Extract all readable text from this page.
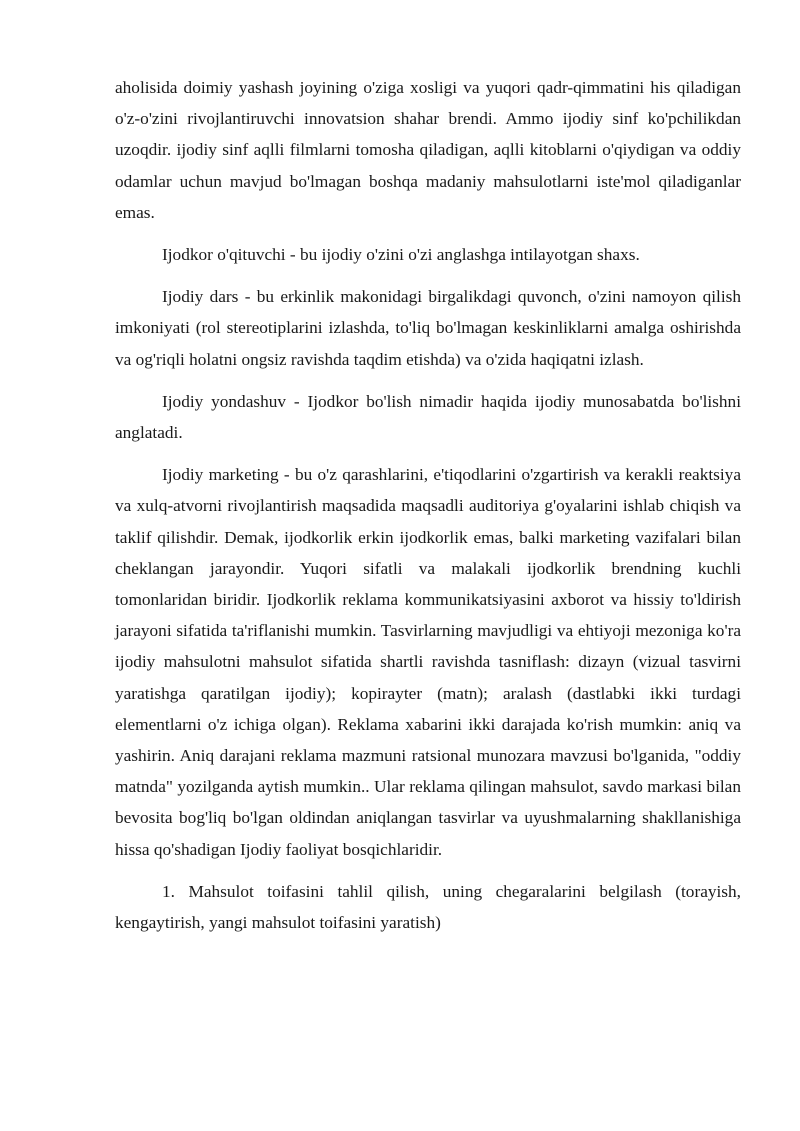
aholisida doimiy yashash joyining o'ziga xosligi va yuqori qadr-qimmatini his qiladigan o'z-o'zini rivojlantiruvchi innovatsion shahar brendi. Ammo ijodiy sinf ko'pchilikdan uzoqdir. ijodiy sinf aqlli filmlarni tomosha qiladigan, aqlli kitoblarni o'qiydigan va oddiy odamlar uchun mavjud bo'lmagan boshqa madaniy mahsulotlarni iste'mol qiladiganlar emas.

Ijodkor o'qituvchi - bu ijodiy o'zini o'zi anglashga intilayotgan shaxs.

Ijodiy dars - bu erkinlik makonidagi birgalikdagi quvonch, o'zini namoyon qilish imkoniyati (rol stereotiplarini izlashda, to'liq bo'lmagan keskinliklarni amalga oshirishda va og'riqli holatni ongsiz ravishda taqdim etishda) va o'zida haqiqatni izlash.

Ijodiy yondashuv - Ijodkor bo'lish nimadir haqida ijodiy munosabatda bo'lishni anglatadi.

Ijodiy marketing - bu o'z qarashlarini, e'tiqodlarini o'zgartirish va kerakli reaktsiya va xulq-atvorni rivojlantirish maqsadida maqsadli auditoriya g'oyalarini ishlab chiqish va taklif qilishdir. Demak, ijodkorlik erkin ijodkorlik emas, balki marketing vazifalari bilan cheklangan jarayondir. Yuqori sifatli va malakali ijodkorlik brendning kuchli tomonlaridan biridir. Ijodkorlik reklama kommunikatsiyasini axborot va hissiy to'ldirish jarayoni sifatida ta'riflanishi mumkin. Tasvirlarning mavjudligi va ehtiyoji mezoniga ko'ra ijodiy mahsulotni mahsulot sifatida shartli ravishda tasniflash: dizayn (vizual tasvirni yaratishga qaratilgan ijodiy); kopirayter (matn); aralash (dastlabki ikki turdagi elementlarni o'z ichiga olgan). Reklama xabarini ikki darajada ko'rish mumkin: aniq va yashirin. Aniq darajani reklama mazmuni ratsional munozara mavzusi bo'lganida, "oddiy matnda" yozilganda aytish mumkin.. Ular reklama qilingan mahsulot, savdo markasi bilan bevosita bog'liq bo'lgan oldindan aniqlangan tasvirlar va uyushmalarning shakllanishiga hissa qo'shadigan Ijodiy faoliyat bosqichlaridir.

1. Mahsulot toifasini tahlil qilish, uning chegaralarini belgilash (torayish, kengaytirish, yangi mahsulot toifasini yaratish)
